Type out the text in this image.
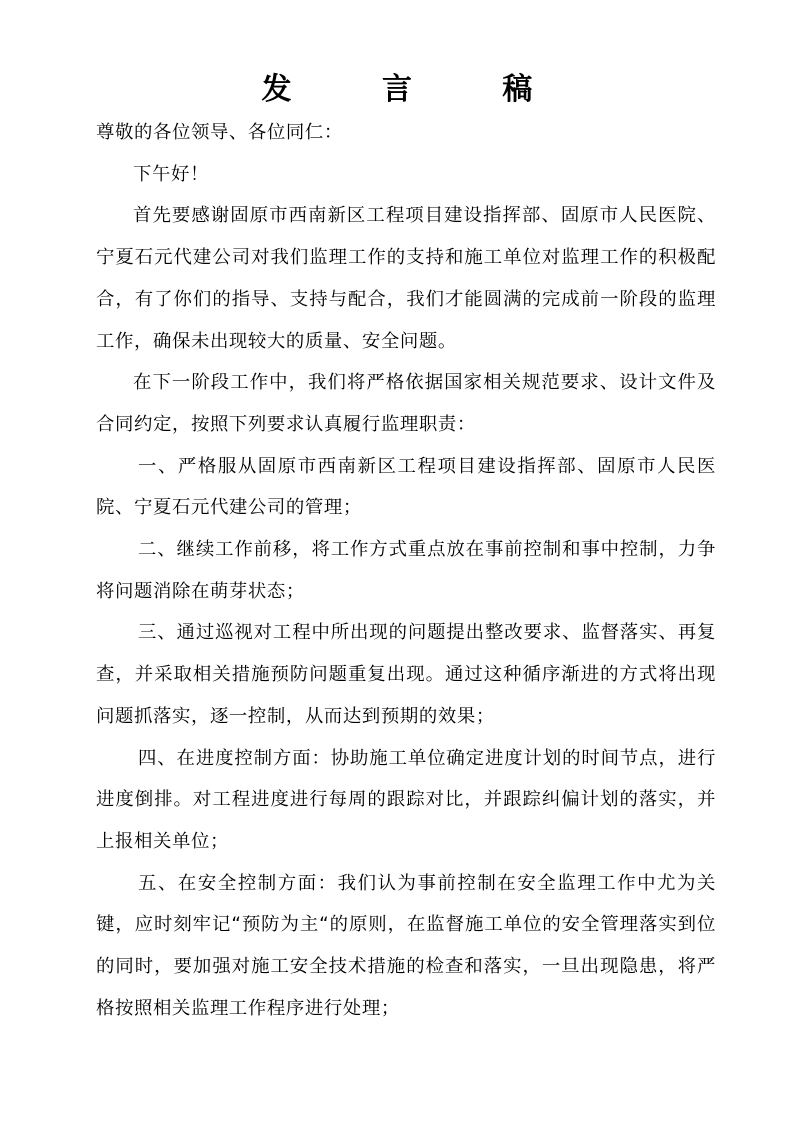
发 言 稿

尊敬的各位领导、各位同仁：

下午好！

首先要感谢固原市西南新区工程项目建设指挥部、固原市人民医院、宁夏石元代建公司对我们监理工作的支持和施工单位对监理工作的积极配合，有了你们的指导、支持与配合，我们才能圆满的完成前一阶段的监理工作，确保未出现较大的质量、安全问题。

在下一阶段工作中，我们将严格依据国家相关规范要求、设计文件及合同约定，按照下列要求认真履行监理职责：

一、严格服从固原市西南新区工程项目建设指挥部、固原市人民医院、宁夏石元代建公司的管理；

二、继续工作前移，将工作方式重点放在事前控制和事中控制，力争将问题消除在萌芽状态；

三、通过巡视对工程中所出现的问题提出整改要求、监督落实、再复查，并采取相关措施预防问题重复出现。通过这种循序渐进的方式将出现问题抓落实，逐一控制，从而达到预期的效果；

四、在进度控制方面：协助施工单位确定进度计划的时间节点，进行进度倒排。对工程进度进行每周的跟踪对比，并跟踪纠偏计划的落实，并上报相关单位；

五、在安全控制方面：我们认为事前控制在安全监理工作中尤为关键，应时刻牢记“预防为主“的原则，在监督施工单位的安全管理落实到位的同时，要加强对施工安全技术措施的检查和落实，一旦出现隐患，将严格按照相关监理工作程序进行处理；
